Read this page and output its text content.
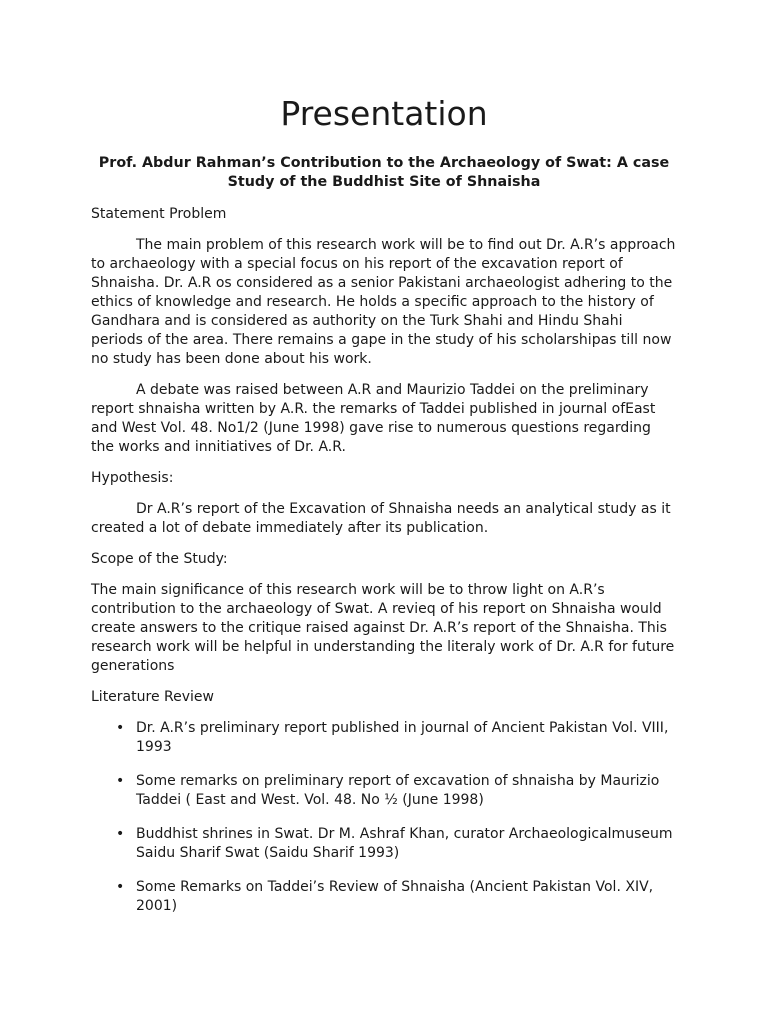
Presentation

Prof. Abdur Rahman’s Contribution to the Archaeology of Swat: A case Study of the Buddhist Site of Shnaisha

Statement Problem

The main problem of this research work will be to find out Dr. A.R’s approach to archaeology with a special focus on his report of the excavation report of Shnaisha. Dr. A.R os considered as a senior Pakistani archaeologist adhering to the ethics of knowledge and research. He holds a specific approach to the history of Gandhara and is considered as authority on the Turk Shahi and Hindu Shahi periods of the area. There remains a gape in the study of his scholarshipas till now no study has been done about his work.

A debate was raised between A.R and Maurizio Taddei on the preliminary report shnaisha written by A.R. the remarks of Taddei published in journal ofEast and West Vol. 48. No1/2 (June 1998) gave rise to numerous questions regarding the works and innitiatives of Dr. A.R.

Hypothesis:

Dr A.R’s report of the Excavation of Shnaisha needs an analytical study as it created a lot of debate immediately after its publication.

Scope of the Study:

The main significance of this research work will be to throw light on A.R’s contribution to the archaeology of Swat. A revieq of his report on Shnaisha would create answers to the critique raised against Dr. A.R’s report of the Shnaisha. This research work will be helpful in understanding the literaly work of Dr. A.R for future generations

Literature Review

• Dr. A.R’s preliminary report published in journal of Ancient Pakistan Vol. VIII, 1993
• Some remarks on preliminary report of excavation of shnaisha by Maurizio Taddei ( East and West. Vol. 48. No ½ (June 1998)
• Buddhist shrines in Swat. Dr M. Ashraf Khan, curator Archaeologicalmuseum Saidu Sharif Swat (Saidu Sharif 1993)
• Some Remarks on Taddei’s Review of Shnaisha (Ancient Pakistan Vol. XIV, 2001)
